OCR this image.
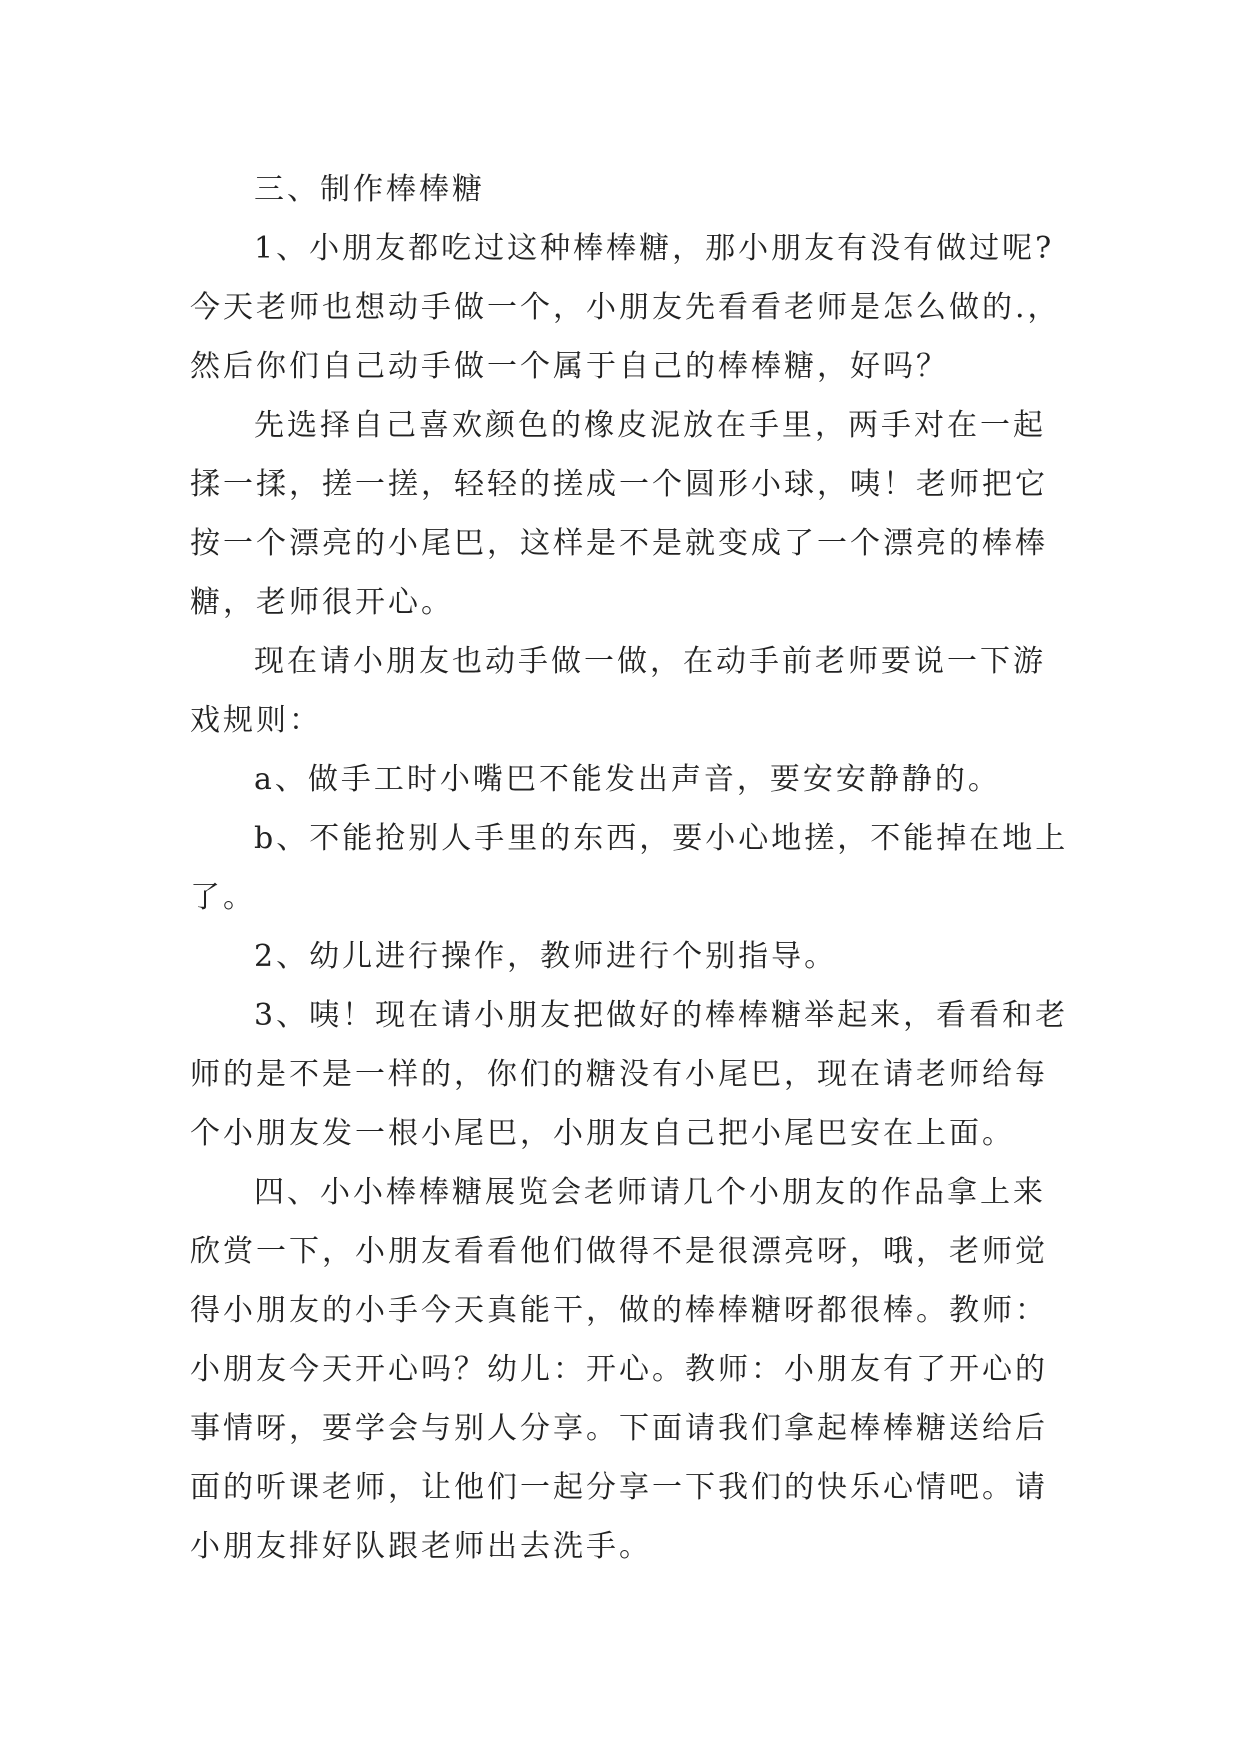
三、制作棒棒糖

1、小朋友都吃过这种棒棒糖，那小朋友有没有做过呢?今天老师也想动手做一个，小朋友先看看老师是怎么做的.，然后你们自己动手做一个属于自己的棒棒糖，好吗？

先选择自己喜欢颜色的橡皮泥放在手里，两手对在一起揉一揉，搓一搓，轻轻的搓成一个圆形小球，咦！老师把它按一个漂亮的小尾巴，这样是不是就变成了一个漂亮的棒棒糖，老师很开心。

现在请小朋友也动手做一做，在动手前老师要说一下游戏规则：

a、做手工时小嘴巴不能发出声音，要安安静静的。

b、不能抢别人手里的东西，要小心地搓，不能掉在地上了。

2、幼儿进行操作，教师进行个别指导。

3、咦！现在请小朋友把做好的棒棒糖举起来，看看和老师的是不是一样的，你们的糖没有小尾巴，现在请老师给每个小朋友发一根小尾巴，小朋友自己把小尾巴安在上面。

四、小小棒棒糖展览会老师请几个小朋友的作品拿上来欣赏一下，小朋友看看他们做得不是很漂亮呀，哦，老师觉得小朋友的小手今天真能干，做的棒棒糖呀都很棒。教师：小朋友今天开心吗？幼儿：开心。教师：小朋友有了开心的事情呀，要学会与别人分享。下面请我们拿起棒棒糖送给后面的听课老师，让他们一起分享一下我们的快乐心情吧。请小朋友排好队跟老师出去洗手。
